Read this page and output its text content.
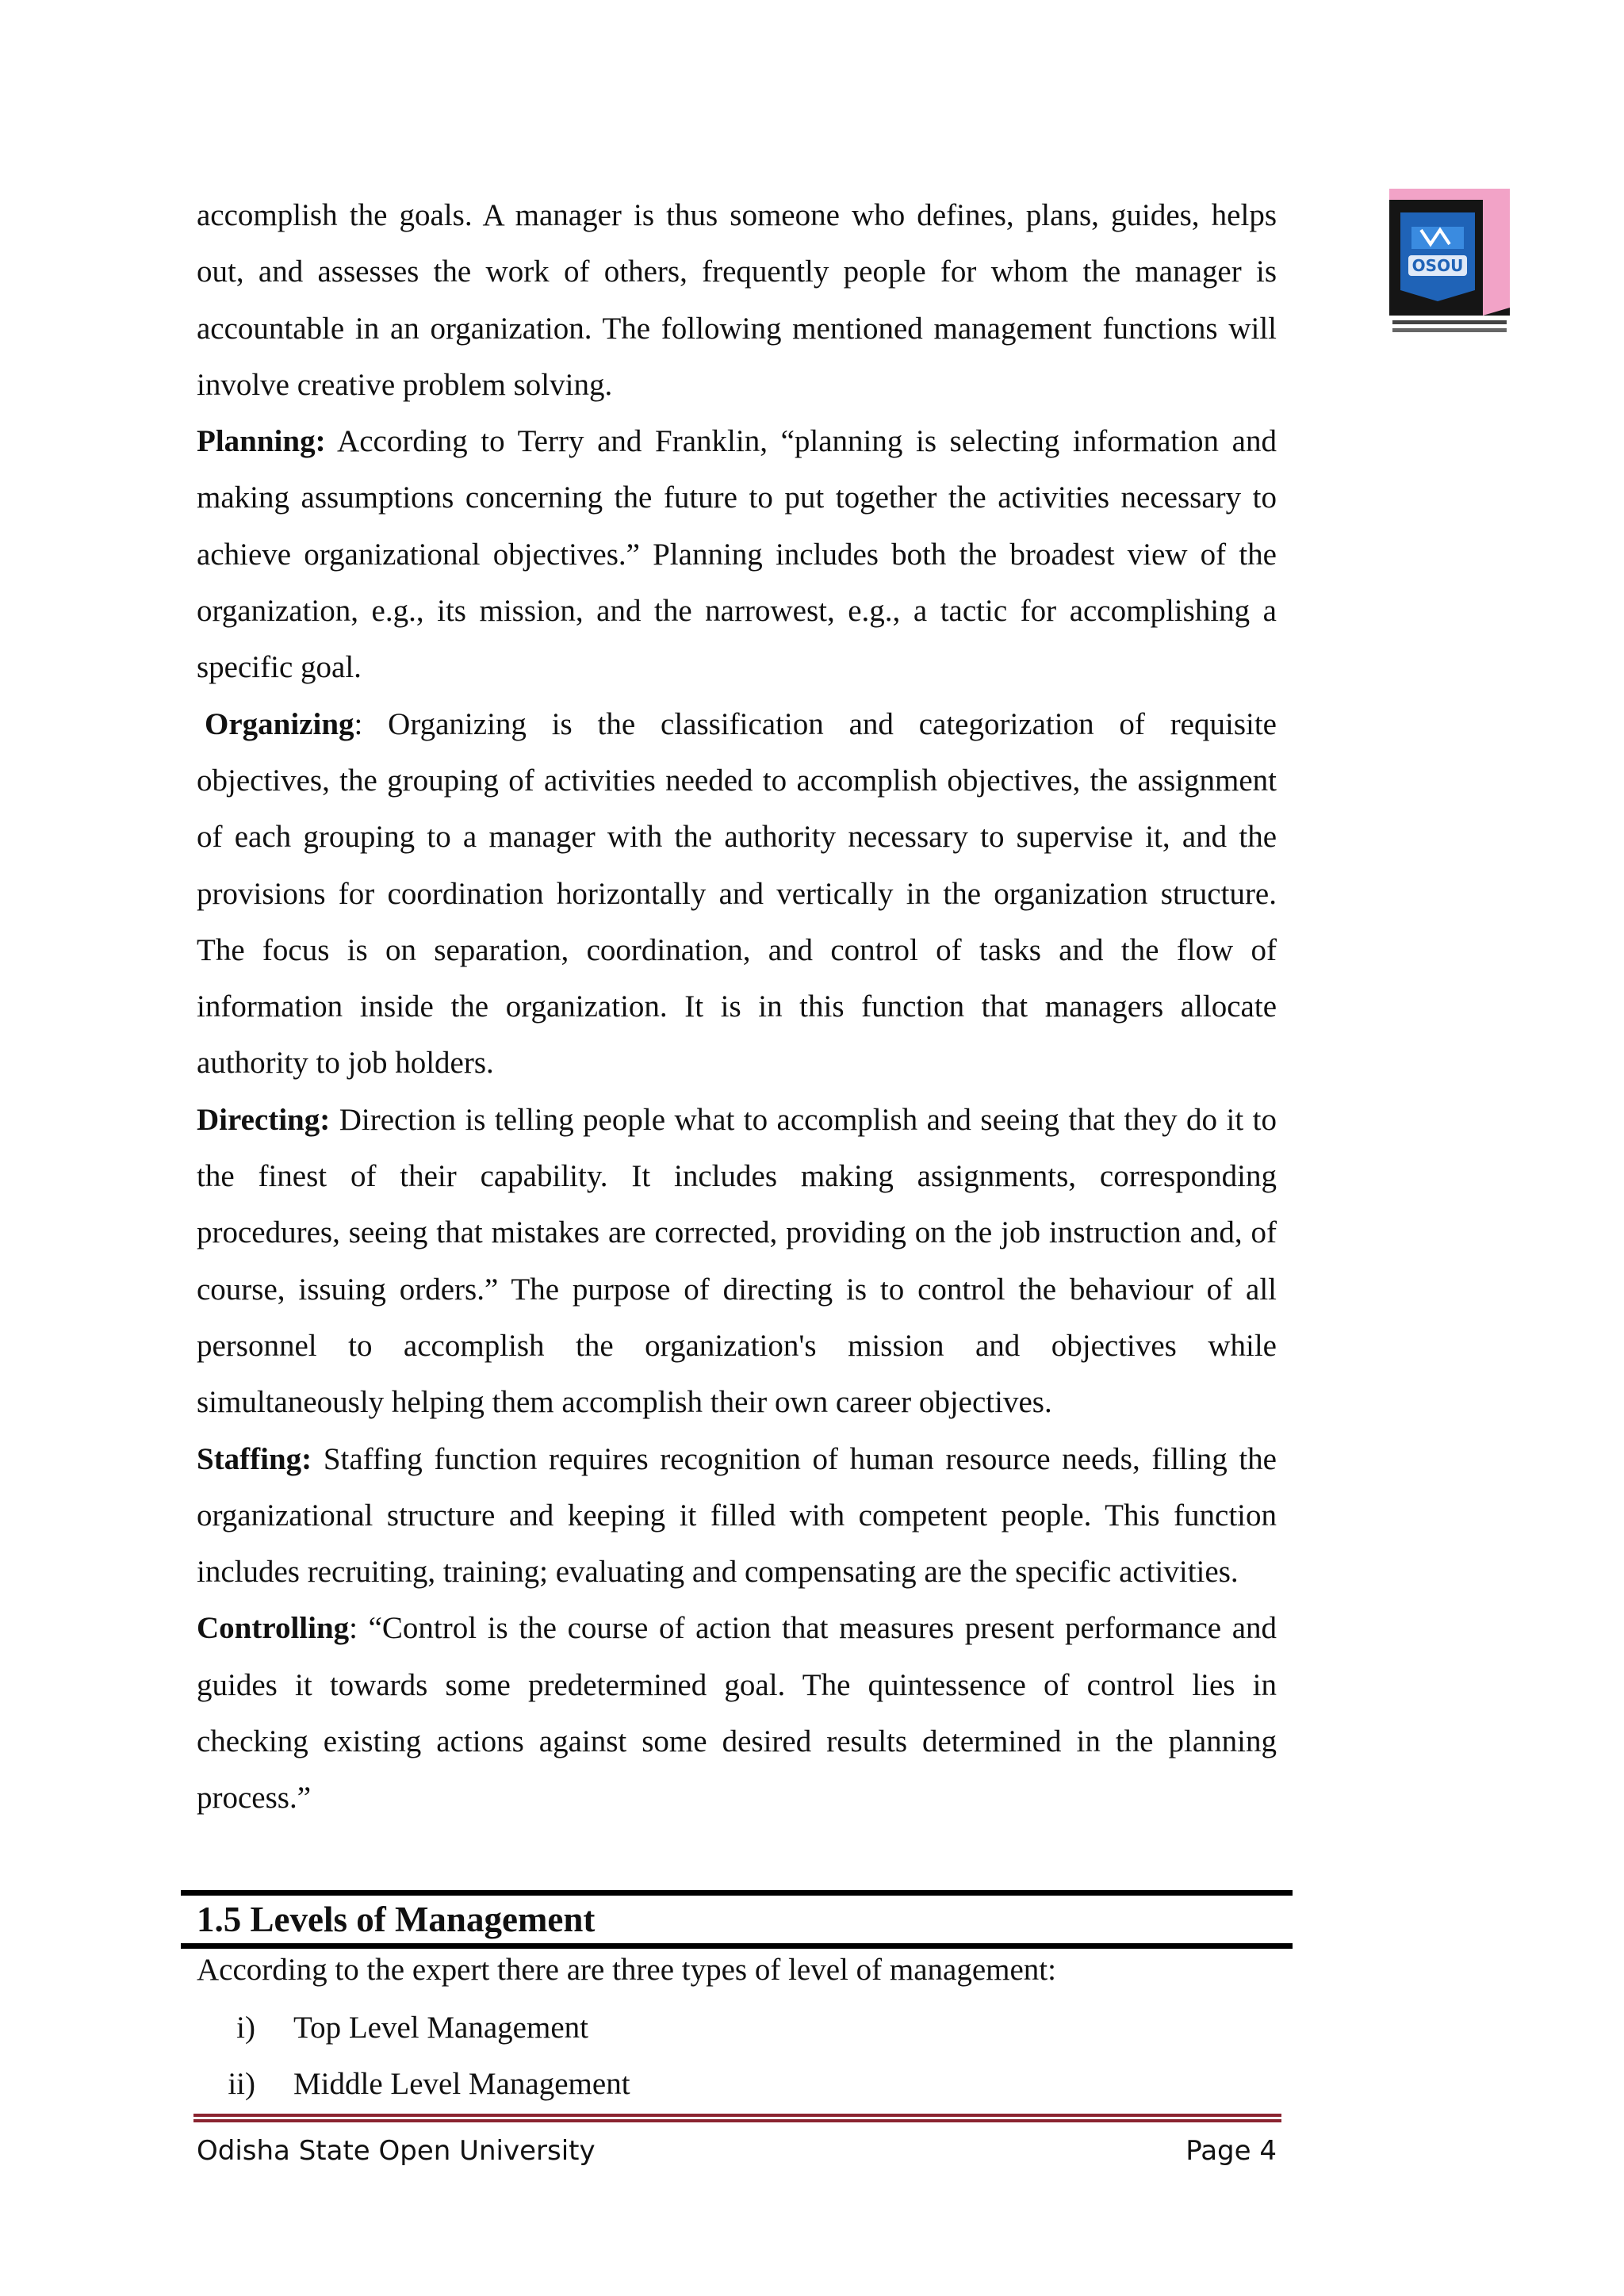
OSOU

accomplish the goals. A manager is thus someone who defines, plans, guides, helps out, and assesses the work of others, frequently people for whom the manager is accountable in an organization. The following mentioned management functions will involve creative problem solving.

Planning: According to Terry and Franklin, “planning is selecting information and making assumptions concerning the future to put together the activities necessary to achieve organizational objectives.” Planning includes both the broadest view of the organization, e.g., its mission, and the narrowest, e.g., a tactic for accomplishing a specific goal.

Organizing: Organizing is the classification and categorization of requisite objectives, the grouping of activities needed to accomplish objectives, the assignment of each grouping to a manager with the authority necessary to supervise it, and the provisions for coordination horizontally and vertically in the organization structure. The focus is on separation, coordination, and control of tasks and the flow of information inside the organization. It is in this function that managers allocate authority to job holders.

Directing: Direction is telling people what to accomplish and seeing that they do it to the finest of their capability. It includes making assignments, corresponding procedures, seeing that mistakes are corrected, providing on the job instruction and, of course, issuing orders.” The purpose of directing is to control the behaviour of all personnel to accomplish the organization's mission and objectives while simultaneously helping them accomplish their own career objectives.

Staffing: Staffing function requires recognition of human resource needs, filling the organizational structure and keeping it filled with competent people. This function includes recruiting, training; evaluating and compensating are the specific activities.

Controlling: “Control is the course of action that measures present performance and guides it towards some predetermined goal. The quintessence of control lies in checking existing actions against some desired results determined in the planning process.”

1.5 Levels of Management

According to the expert there are three types of level of management:

i) Top Level Management
ii) Middle Level Management
Odisha State Open University	Page 4
